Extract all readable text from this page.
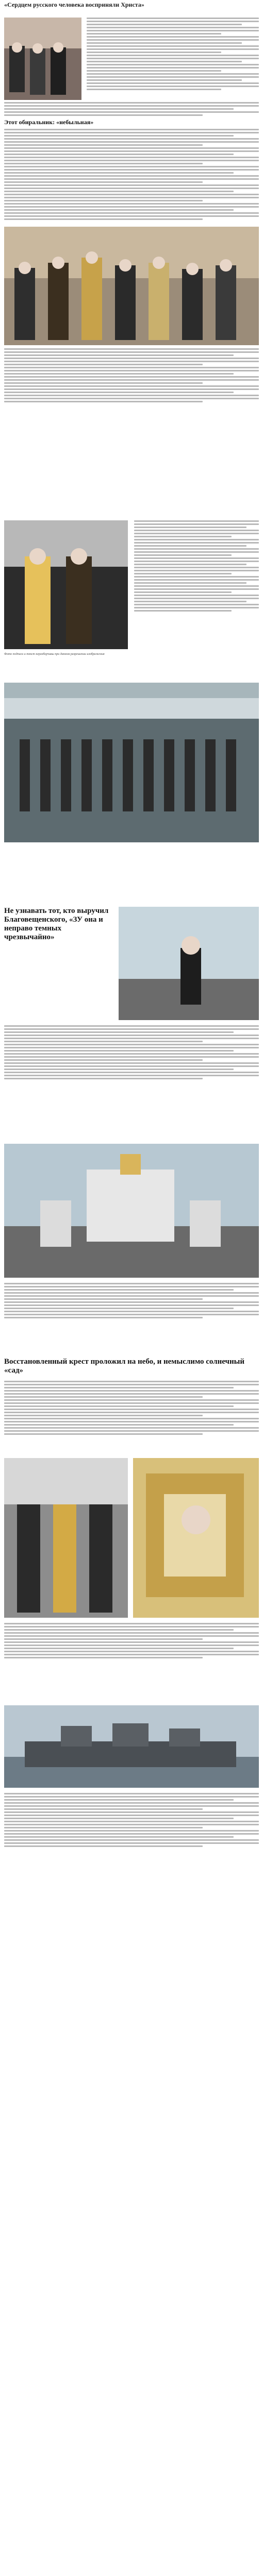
«Сердцем русского человека восприняли Христа»
Этот обиральник: «небыльная»
Фото подписи и текст неразборчивы при данном разрешении изображения
Не узнавать тот, кто выручил Благовещенского, «ЗУ она и неправо темных чрезвычайно»
Восстановленный крест проложил на небо, и немыслимо солнечный «сад»
